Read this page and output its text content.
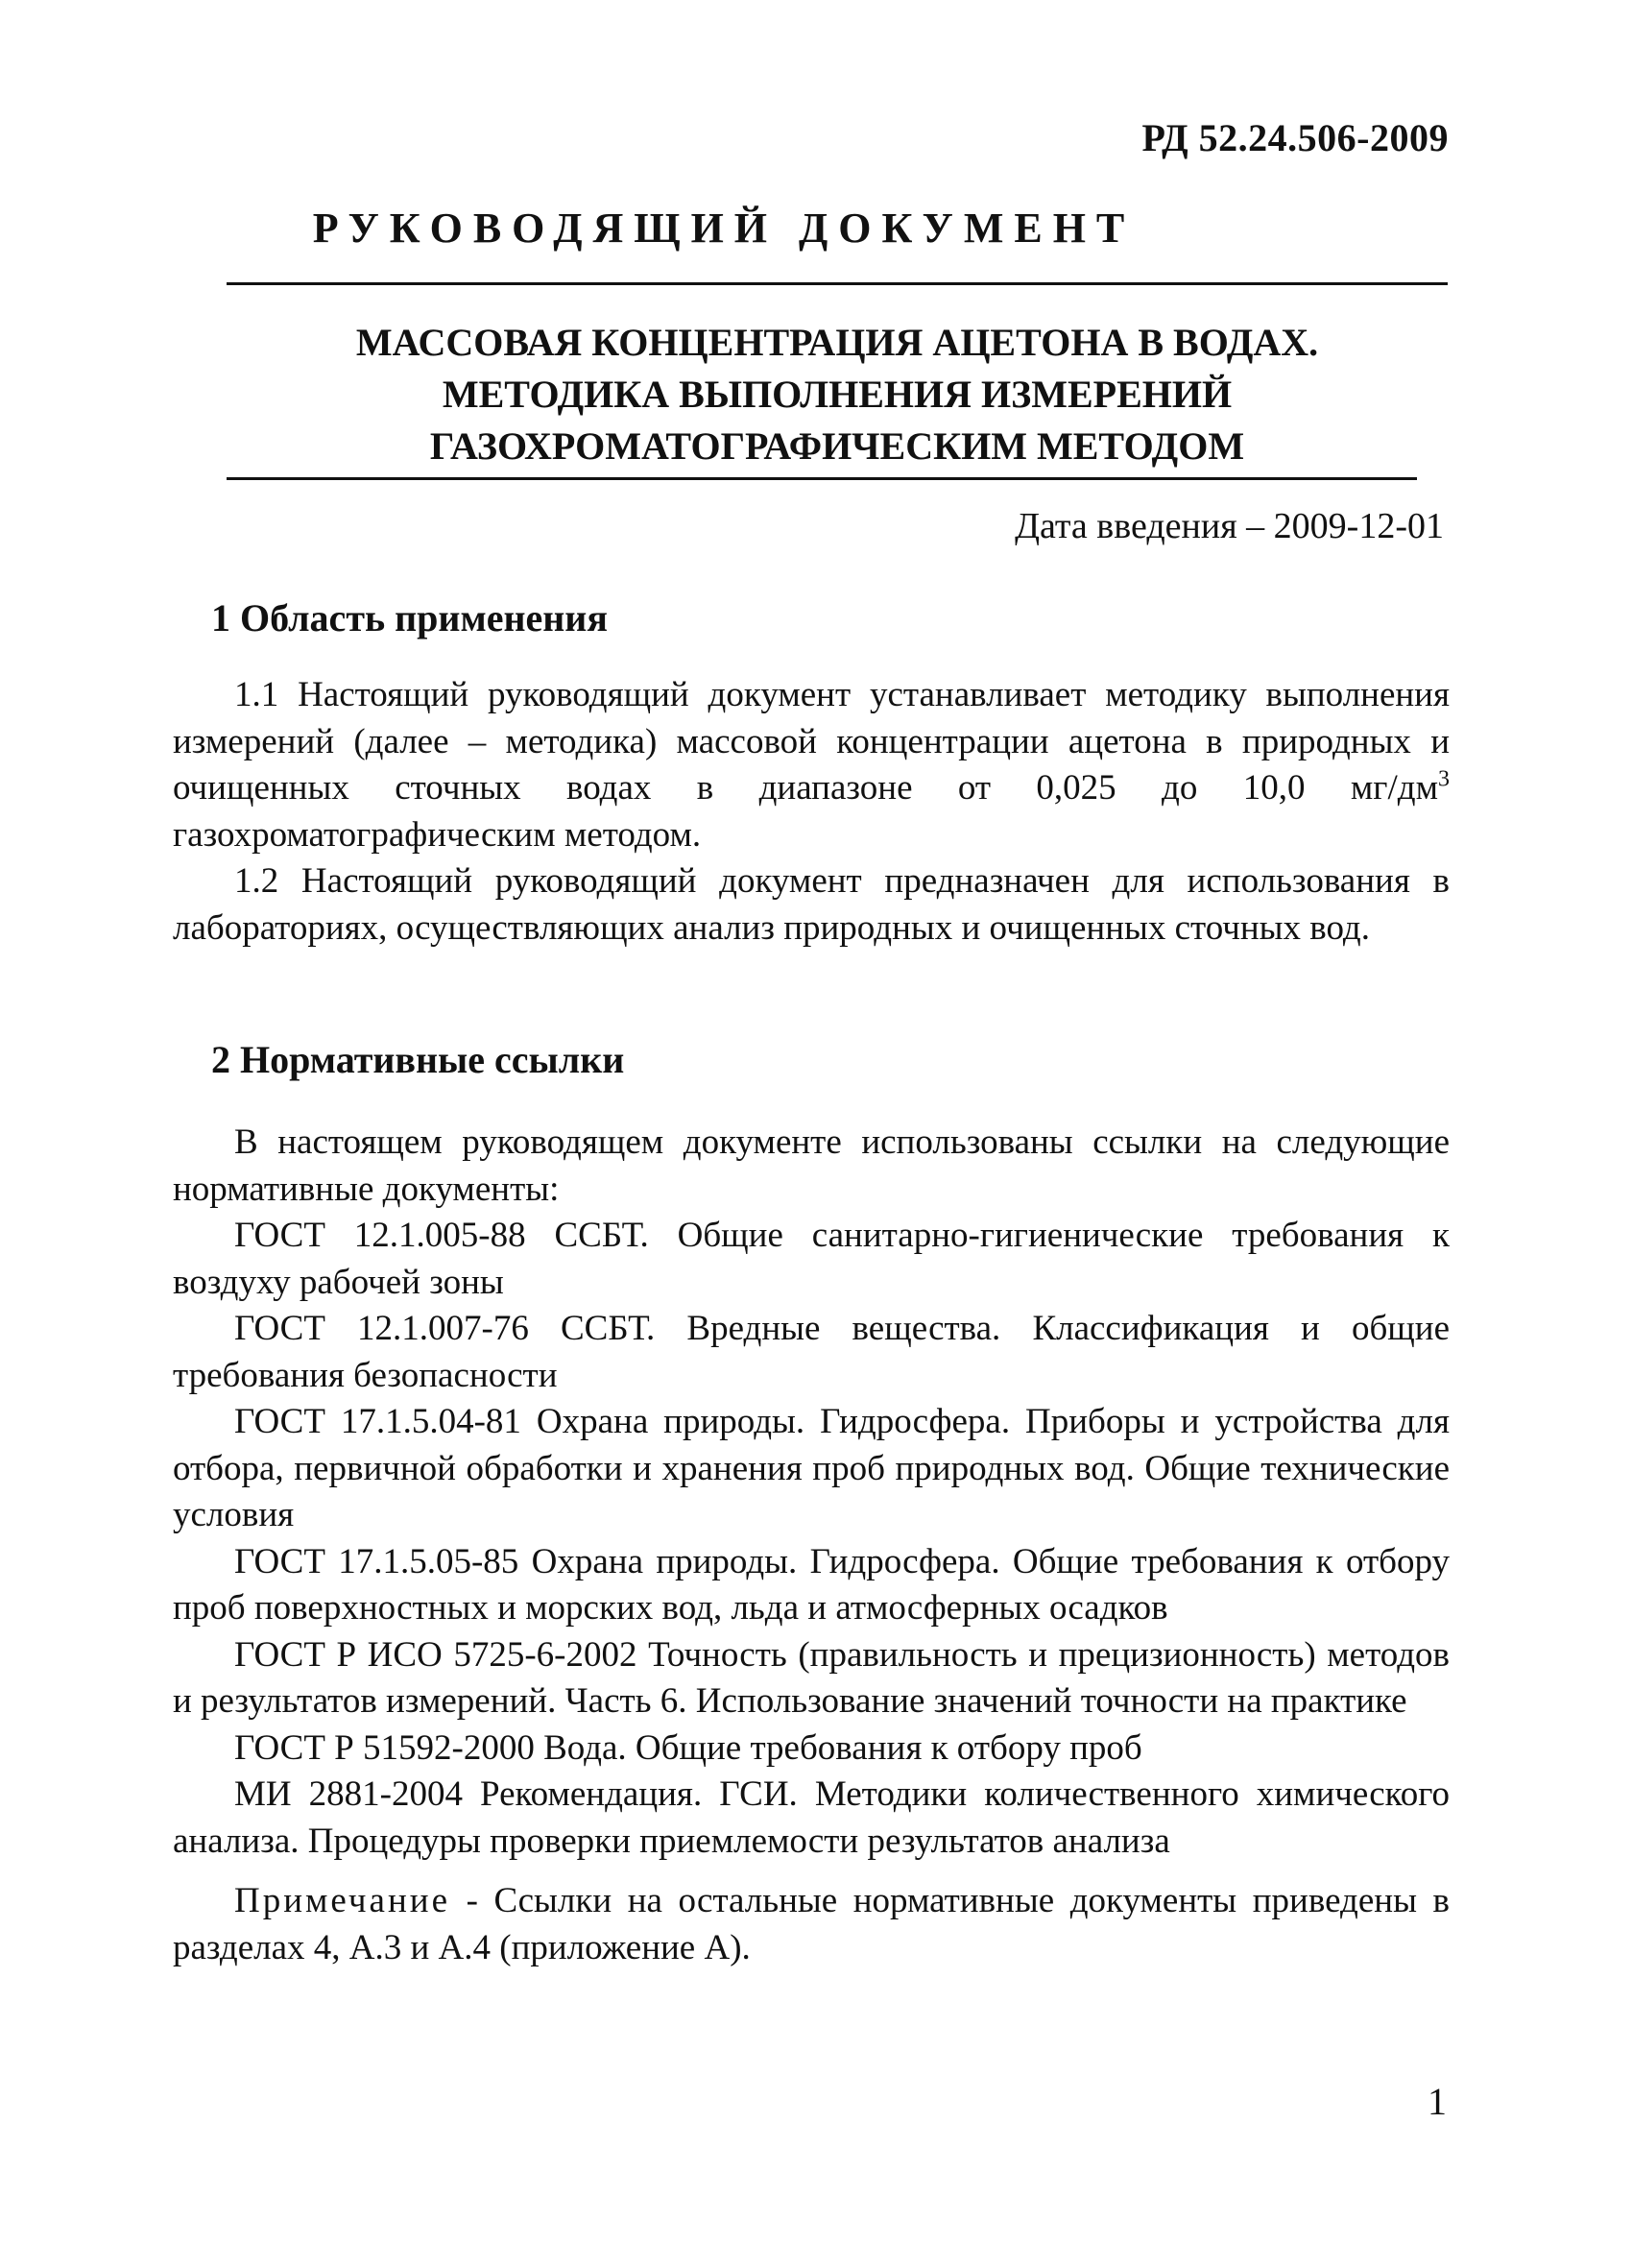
РД 52.24.506-2009
РУКОВОДЯЩИЙ ДОКУМЕНТ
МАССОВАЯ КОНЦЕНТРАЦИЯ АЦЕТОНА В ВОДАХ.
МЕТОДИКА ВЫПОЛНЕНИЯ ИЗМЕРЕНИЙ
ГАЗОХРОМАТОГРАФИЧЕСКИМ МЕТОДОМ
Дата введения – 2009-12-01
1 Область применения

1.1 Настоящий руководящий документ устанавливает методику выполнения измерений (далее – методика) массовой концентрации ацетона в природных и очищенных сточных водах в диапазоне от 0,025 до 10,0 $мг/дм^3$ газохроматографическим методом.

1.2 Настоящий руководящий документ предназначен для использования в лабораториях, осуществляющих анализ природных и очищенных сточных вод.

2 Нормативные ссылки

В настоящем руководящем документе использованы ссылки на следующие нормативные документы:

ГОСТ 12.1.005-88 ССБТ. Общие санитарно-гигиенические требования к воздуху рабочей зоны
ГОСТ 12.1.007-76 ССБТ. Вредные вещества. Классификация и общие требования безопасности
ГОСТ 17.1.5.04-81 Охрана природы. Гидросфера. Приборы и устройства для отбора, первичной обработки и хранения проб природных вод. Общие технические условия
ГОСТ 17.1.5.05-85 Охрана природы. Гидросфера. Общие требования к отбору проб поверхностных и морских вод, льда и атмосферных осадков
ГОСТ Р ИСО 5725-6-2002 Точность (правильность и прецизионность) методов и результатов измерений. Часть 6. Использование значений точности на практике
ГОСТ Р 51592-2000 Вода. Общие требования к отбору проб
МИ 2881-2004 Рекомендация. ГСИ. Методики количественного химического анализа. Процедуры проверки приемлемости результатов анализа

Примечание - Ссылки на остальные нормативные документы приведены в разделах 4, А.3 и А.4 (приложение А).

1
